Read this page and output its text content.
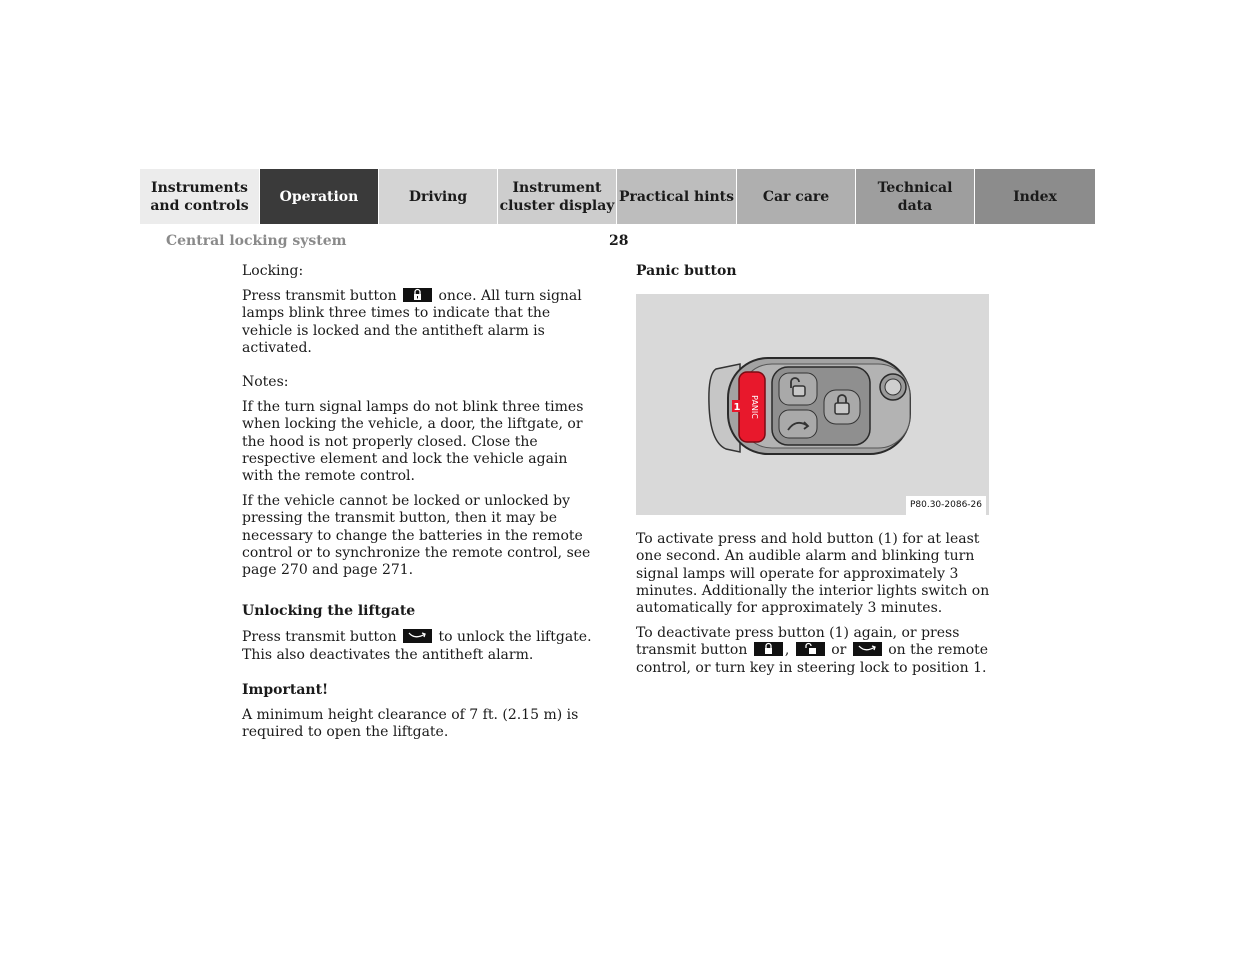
Instruments
and controls
Operation	Driving
Instrument
cluster display
Practical hints Car care
Technical
data
Index
Central locking system	28

Locking:

Press transmit button	once. All turn signal lamps blink three times to indicate that the vehicle is locked and the antitheft alarm is activated.

Notes:

If the turn signal lamps do not blink three times when locking the vehicle, a door, the liftgate, or the hood is not properly closed. Close the respective element and lock the vehicle again with the remote control.

If the vehicle cannot be locked or unlocked by pressing the transmit button, then it may be necessary to change the batteries in the remote control or to synchronize the remote control, see page 270 and page 271.

Unlocking the liftgate

Press transmit button	to unlock the liftgate. This also deactivates the antitheft alarm.

Important!

A minimum height clearance of 7 ft. (2.15 m) is required to open the liftgate.

Panic button

PANIC
1
P80.30-2086-26

To activate press and hold button (1) for at least one second. An audible alarm and blinking turn signal lamps will operate for approximately 3 minutes. Additionally the interior lights switch on automatically for approximately 3 minutes.

To deactivate press button (1) again, or press transmit button	,	or	on the remote control, or turn key in steering lock to position 1.
